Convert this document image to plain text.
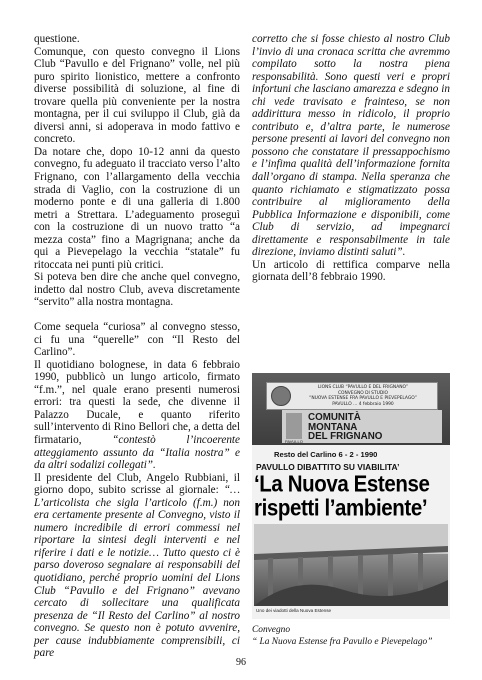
questione.

Comunque, con questo convegno il Lions Club “Pavullo e del Frignano” volle, nel più puro spirito lionistico, mettere a confronto diverse possibilità di soluzione, al fine di trovare quella più conveniente per la nostra montagna, per il cui sviluppo il Club, già da diversi anni, si adoperava in modo fattivo e concreto.

Da notare che, dopo 10-12 anni da questo convegno, fu adeguato il tracciato verso l’alto Frignano, con l’allargamento della vecchia strada di Vaglio, con la costruzione di un moderno ponte e di una galleria di 1.800 metri a Strettara. L’adeguamento proseguì con la costruzione di un nuovo tratto “a mezza costa” fino a Magrignana; anche da qui a Pievepelago la vecchia “statale” fu ritoccata nei punti più critici.

Si poteva ben dire che anche quel convegno, indetto dal nostro Club, aveva discretamente “servito” alla nostra montagna.

Come sequela “curiosa” al convegno stesso, ci fu una “querelle” con “Il Resto del Carlino”.

Il quotidiano bolognese, in data 6 febbraio 1990, pubblicò un lungo articolo, firmato “f.m.”, nel quale erano presenti numerosi errori: tra questi la sede, che divenne il Palazzo Ducale, e quanto riferito sull’intervento di Rino Bellori che, a detta del firmatario, “contestò l’incoerente atteggiamento assunto da “Italia nostra” e da altri sodalizi collegati”.

Il presidente del Club, Angelo Rubbiani, il giorno dopo, subito scrisse al giornale: “…L’articolista che sigla l’articolo (f.m.) non era certamente presente al Convegno, visto il numero incredibile di errori commessi nel riportare la sintesi degli interventi e nel riferire i dati e le notizie… Tutto questo ci è parso doveroso segnalare ai responsabili del quotidiano, perché proprio uomini del Lions Club “Pavullo e del Frignano” avevano cercato di sollecitare una qualificata presenza de “Il Resto del Carlino” al nostro convegno. Se questo non è potuto avvenire, per cause indubbiamente comprensibili, ci pare

corretto che si fosse chiesto al nostro Club l’invio di una cronaca scritta che avremmo compilato sotto la nostra piena responsabilità. Sono questi veri e propri infortuni che lasciano amarezza e sdegno in chi vede travisato e frainteso, se non addirittura messo in ridicolo, il proprio contributo e, d’altra parte, le numerose persone presenti ai lavori del convegno non possono che constatare il pressappochismo e l’infima qualità dell’informazione fornita dall’organo di stampa. Nella speranza che quanto richiamato e stigmatizzato possa contribuire al miglioramento della Pubblica Informazione e disponibili, come Club di servizio, ad impegnarci direttamente e responsabilmente in tale direzione, inviamo distinti saluti”.

Un articolo di rettifica comparve nella giornata dell’8 febbraio 1990.

LIONS CLUB “PAVULLO E DEL FRIGNANO”
CONVEGNO DI STUDIO
“NUOVA ESTENSE FRA PAVULLO E PIEVEPELAGO”
PAVULLO ... 4 febbraio 1990
COMUNITÀ
MONTANA
DEL FRIGNANO
PAVULLO
Resto del Carlino 6 - 2 - 1990
PAVULLO DIBATTITO SU VIABILITA’
‘La Nuova Estense rispetti l’ambiente’
Uno dei viadotti della Nuova Estense
Convegno
“ La Nuova Estense fra Pavullo e Pievepelago”
96
